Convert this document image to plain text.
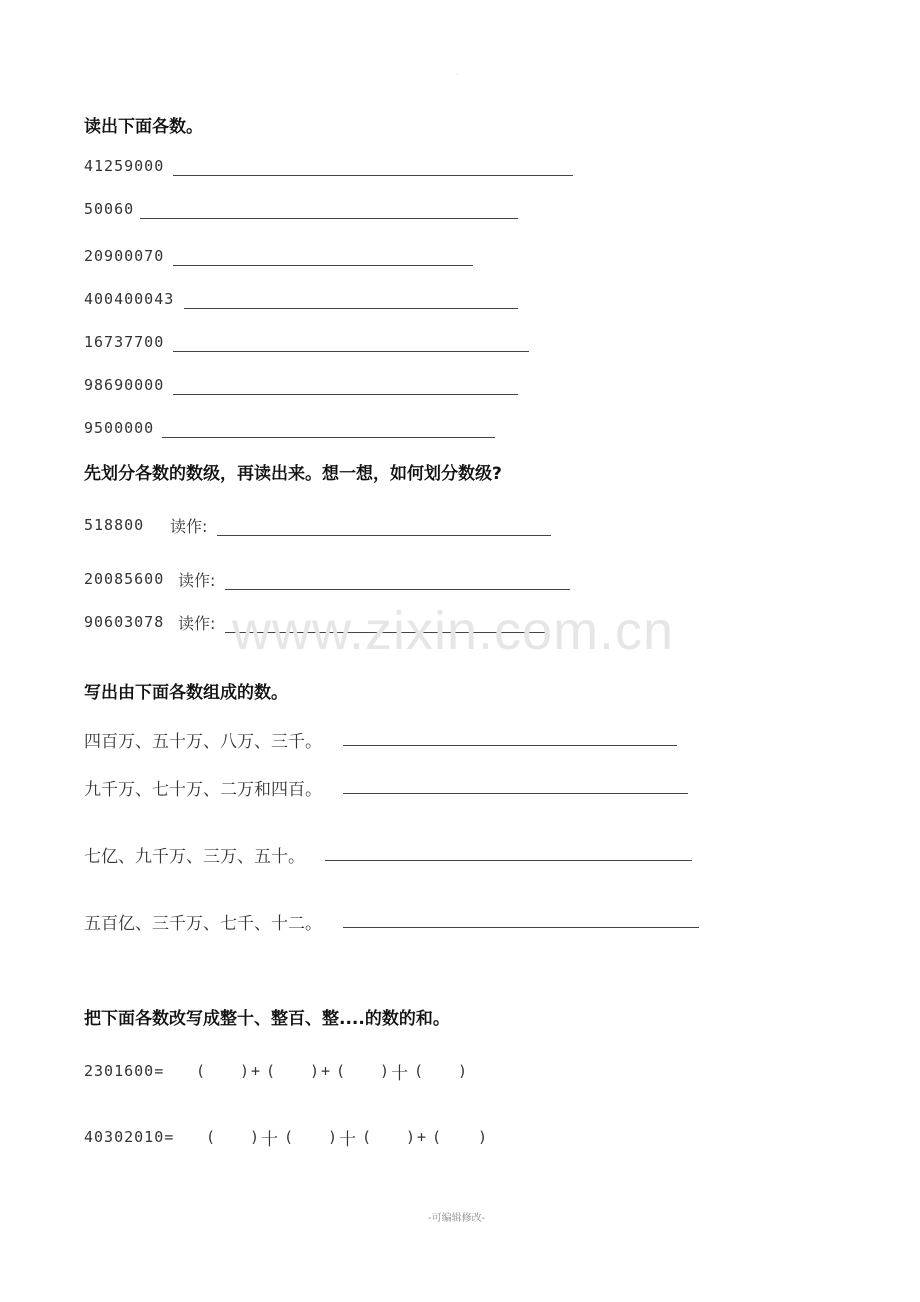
·
读出下面各数。
41259000
50060
20900070
400400043
16737700
98690000
9500000
先划分各数的数级，再读出来。想一想，如何划分数级?
518800 读作:
20085600 读作:
90603078 读作: www.zixin.com.cn
写出由下面各数组成的数。
四百万、五十万、八万、三千。
九千万、七十万、二万和四百。
七亿、九千万、三万、五十。
五百亿、三千万、七千、十二。
把下面各数改写成整十、整百、整....的数的和。
2301600= ( ) + ( ) + ( ) 十 ( )
40302010= ( ) 十 ( ) 十 ( ) + ( )
-可编辑修改-
